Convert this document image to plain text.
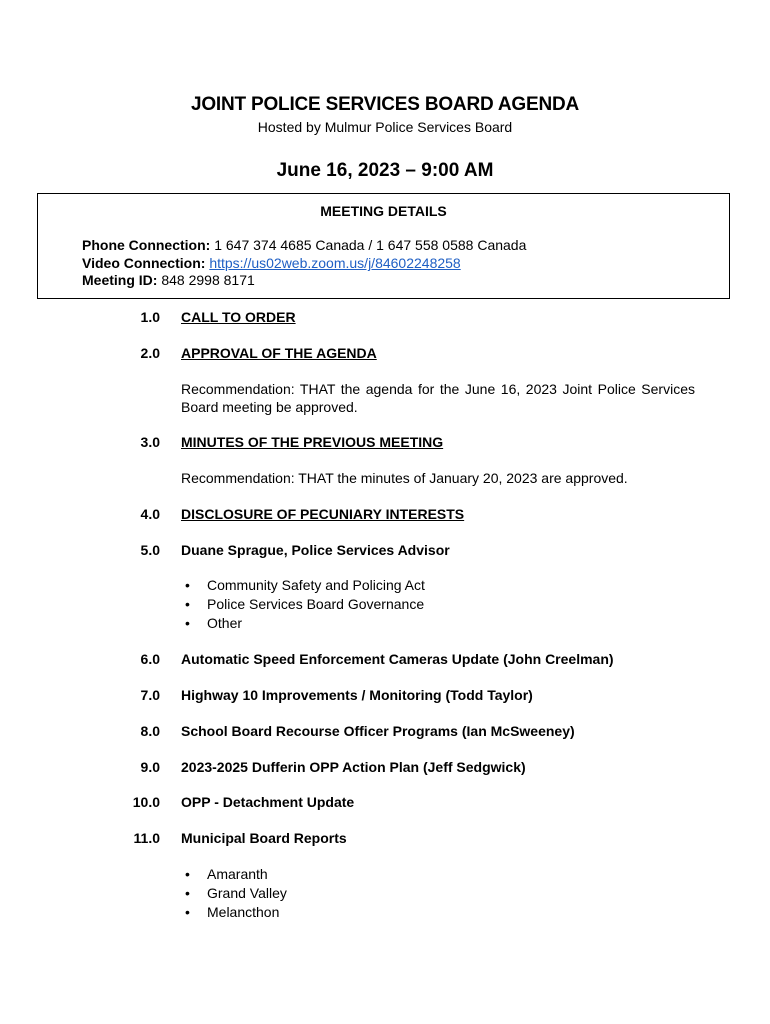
JOINT POLICE SERVICES BOARD AGENDA
Hosted by Mulmur Police Services Board
June 16, 2023 – 9:00 AM
MEETING DETAILS
Phone Connection: 1 647 374 4685 Canada / 1 647 558 0588 Canada
Video Connection: https://us02web.zoom.us/j/84602248258
Meeting ID: 848 2998 8171
1.0 CALL TO ORDER
2.0 APPROVAL OF THE AGENDA
Recommendation: THAT the agenda for the June 16, 2023 Joint Police Services Board meeting be approved.
3.0 MINUTES OF THE PREVIOUS MEETING
Recommendation: THAT the minutes of January 20, 2023 are approved.
4.0 DISCLOSURE OF PECUNIARY INTERESTS
5.0 Duane Sprague, Police Services Advisor
• Community Safety and Policing Act
• Police Services Board Governance
• Other
6.0 Automatic Speed Enforcement Cameras Update (John Creelman)
7.0 Highway 10 Improvements / Monitoring (Todd Taylor)
8.0 School Board Recourse Officer Programs (Ian McSweeney)
9.0 2023-2025 Dufferin OPP Action Plan (Jeff Sedgwick)
10.0 OPP - Detachment Update
11.0 Municipal Board Reports
• Amaranth
• Grand Valley
• Melancthon
